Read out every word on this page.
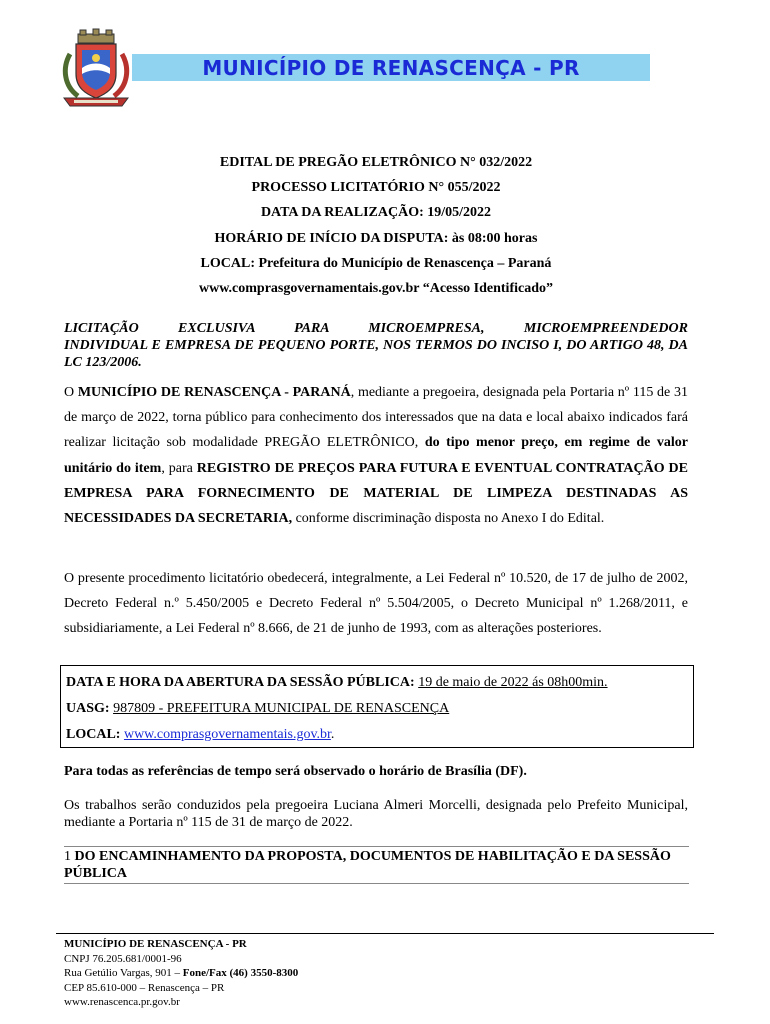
MUNICÍPIO DE RENASCENÇA - PR
EDITAL DE PREGÃO ELETRÔNICO N° 032/2022
PROCESSO LICITATÓRIO N° 055/2022
DATA DA REALIZAÇÃO: 19/05/2022
HORÁRIO DE INÍCIO DA DISPUTA: às 08:00 horas
LOCAL: Prefeitura do Município de Renascença – Paraná
www.comprasgovernamentais.gov.br “Acesso Identificado”
LICITAÇÃO EXCLUSIVA PARA MICROEMPRESA, MICROEMPREENDEDOR
INDIVIDUAL E EMPRESA DE PEQUENO PORTE, NOS TERMOS DO INCISO I, DO ARTIGO 48, DA LC 123/2006.
O MUNICÍPIO DE RENASCENÇA - PARANÁ, mediante a pregoeira, designada pela Portaria nº 115 de 31 de março de 2022, torna público para conhecimento dos interessados que na data e local abaixo indicados fará realizar licitação sob modalidade PREGÃO ELETRÔNICO, do tipo menor preço, em regime de valor unitário do item, para REGISTRO DE PREÇOS PARA FUTURA E EVENTUAL CONTRATAÇÃO DE EMPRESA PARA FORNECIMENTO DE MATERIAL DE LIMPEZA DESTINADAS AS NECESSIDADES DA SECRETARIA, conforme discriminação disposta no Anexo I do Edital.
O presente procedimento licitatório obedecerá, integralmente, a Lei Federal nº 10.520, de 17 de julho de 2002, Decreto Federal n.º 5.450/2005 e Decreto Federal nº 5.504/2005, o Decreto Municipal nº 1.268/2011, e subsidiariamente, a Lei Federal nº 8.666, de 21 de junho de 1993, com as alterações posteriores.
DATA E HORA DA ABERTURA DA SESSÃO PÚBLICA: 19 de maio de 2022 ás 08h00min.
UASG: 987809 - PREFEITURA MUNICIPAL DE RENASCENÇA
LOCAL: www.comprasgovernamentais.gov.br.
Para todas as referências de tempo será observado o horário de Brasília (DF).
Os trabalhos serão conduzidos pela pregoeira Luciana Almeri Morcelli, designada pelo Prefeito Municipal, mediante a Portaria nº 115 de 31 de março de 2022.
1 DO ENCAMINHAMENTO DA PROPOSTA, DOCUMENTOS DE HABILITAÇÃO E DA SESSÃO PÚBLICA
MUNICÍPIO DE RENASCENÇA - PR
CNPJ 76.205.681/0001-96
Rua Getúlio Vargas, 901 – Fone/Fax (46) 3550-8300
CEP 85.610-000 – Renascença – PR
www.renascenca.pr.gov.br
